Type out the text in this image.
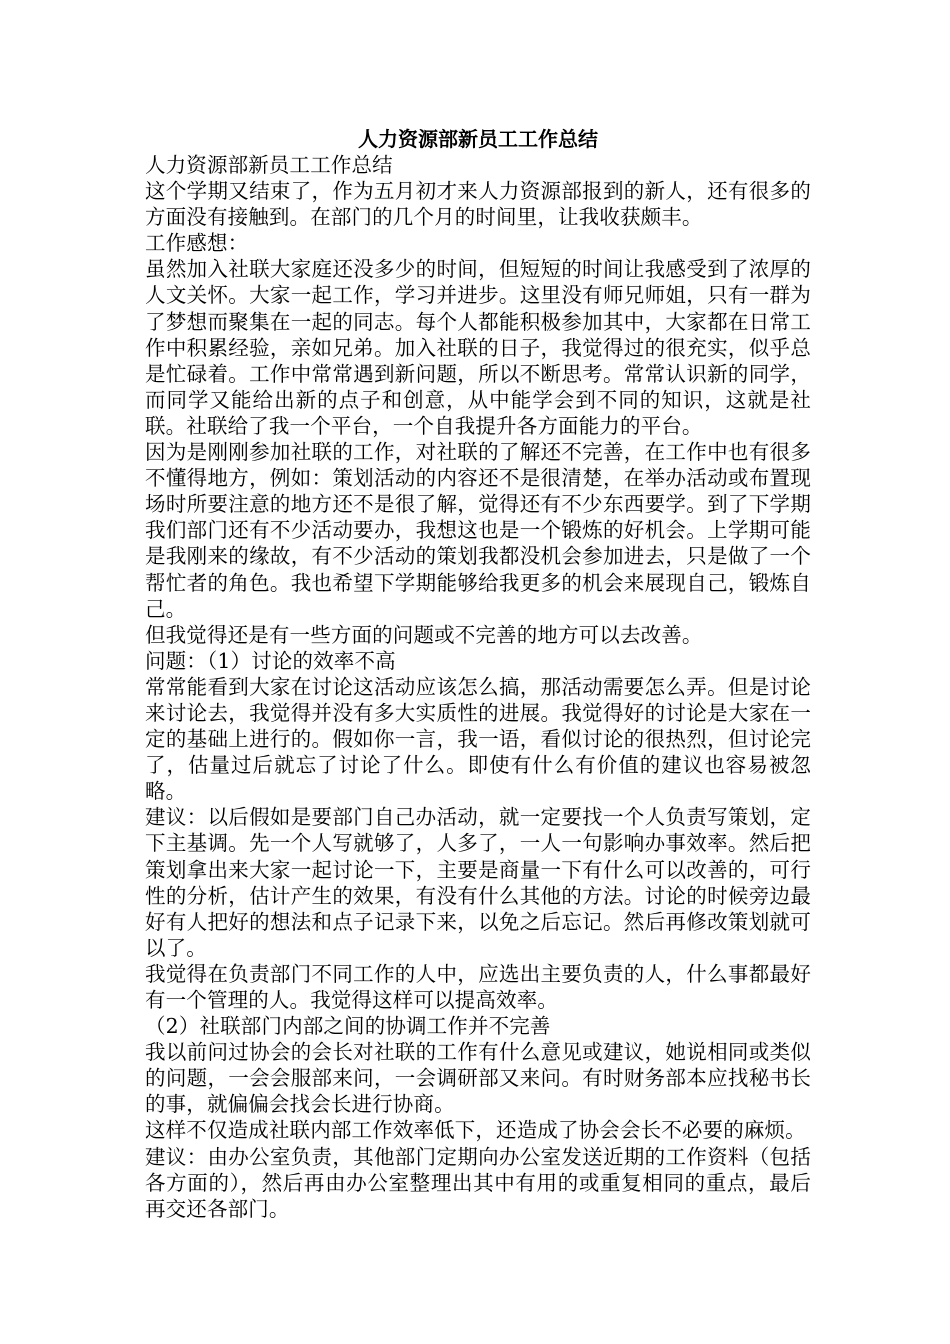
人力资源部新员工工作总结

人力资源部新员工工作总结

这个学期又结束了，作为五月初才来人力资源部报到的新人，还有很多的方面没有接触到。在部门的几个月的时间里，让我收获颇丰。

工作感想：

虽然加入社联大家庭还没多少的时间，但短短的时间让我感受到了浓厚的人文关怀。大家一起工作，学习并进步。这里没有师兄师姐，只有一群为了梦想而聚集在一起的同志。每个人都能积极参加其中，大家都在日常工作中积累经验，亲如兄弟。加入社联的日子，我觉得过的很充实，似乎总是忙碌着。工作中常常遇到新问题，所以不断思考。常常认识新的同学，而同学又能给出新的点子和创意，从中能学会到不同的知识，这就是社联。社联给了我一个平台，一个自我提升各方面能力的平台。

因为是刚刚参加社联的工作，对社联的了解还不完善，在工作中也有很多不懂得地方，例如：策划活动的内容还不是很清楚，在举办活动或布置现场时所要注意的地方还不是很了解，觉得还有不少东西要学。到了下学期我们部门还有不少活动要办，我想这也是一个锻炼的好机会。上学期可能是我刚来的缘故，有不少活动的策划我都没机会参加进去，只是做了一个帮忙者的角色。我也希望下学期能够给我更多的机会来展现自己，锻炼自己。

但我觉得还是有一些方面的问题或不完善的地方可以去改善。

问题：（1）讨论的效率不高

常常能看到大家在讨论这活动应该怎么搞，那活动需要怎么弄。但是讨论来讨论去，我觉得并没有多大实质性的进展。我觉得好的讨论是大家在一定的基础上进行的。假如你一言，我一语，看似讨论的很热烈，但讨论完了，估量过后就忘了讨论了什么。即使有什么有价值的建议也容易被忽略。

建议：以后假如是要部门自己办活动，就一定要找一个人负责写策划，定下主基调。先一个人写就够了，人多了，一人一句影响办事效率。然后把策划拿出来大家一起讨论一下，主要是商量一下有什么可以改善的，可行性的分析，估计产生的效果，有没有什么其他的方法。讨论的时候旁边最好有人把好的想法和点子记录下来，以免之后忘记。然后再修改策划就可以了。

我觉得在负责部门不同工作的人中，应选出主要负责的人，什么事都最好有一个管理的人。我觉得这样可以提高效率。

（2）社联部门内部之间的协调工作并不完善

我以前问过协会的会长对社联的工作有什么意见或建议，她说相同或类似的问题，一会会服部来问，一会调研部又来问。有时财务部本应找秘书长的事，就偏偏会找会长进行协商。

这样不仅造成社联内部工作效率低下，还造成了协会会长不必要的麻烦。

建议：由办公室负责，其他部门定期向办公室发送近期的工作资料（包括各方面的），然后再由办公室整理出其中有用的或重复相同的重点，最后再交还各部门。
